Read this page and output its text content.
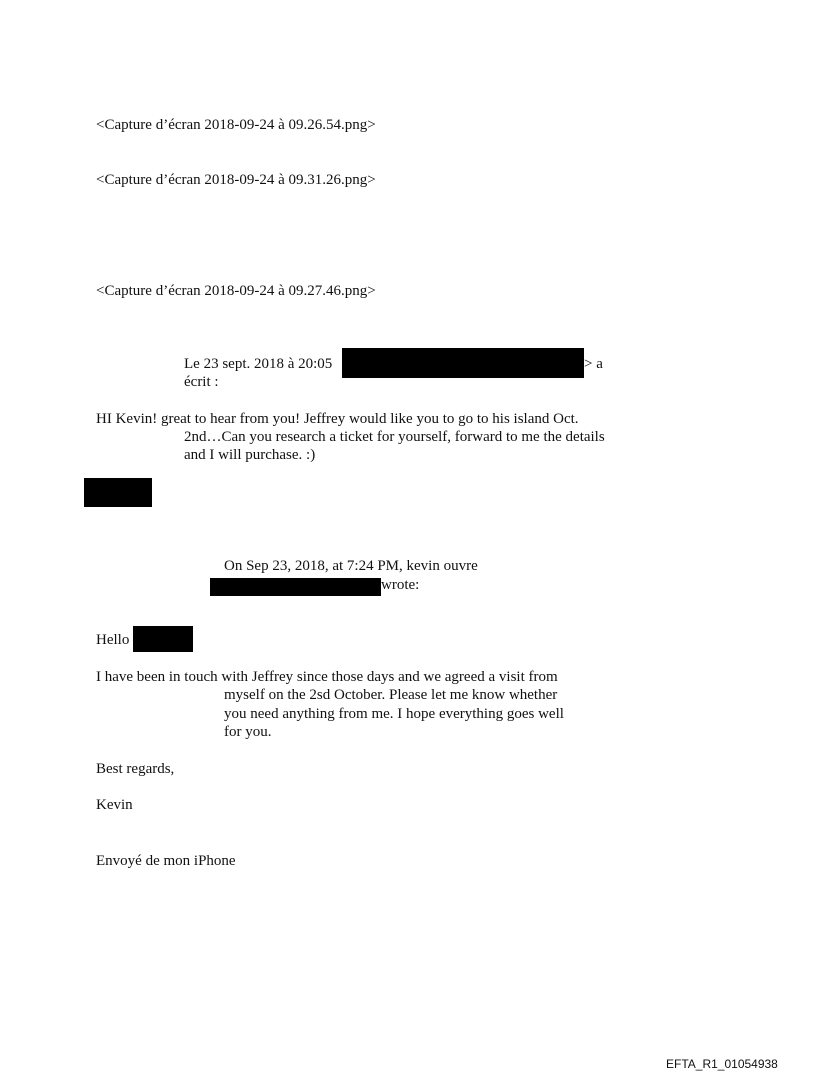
<Capture d’écran 2018-09-24 à 09.26.54.png>
<Capture d’écran 2018-09-24 à 09.31.26.png>
<Capture d’écran 2018-09-24 à 09.27.46.png>
Le 23 sept. 2018 à 20:05	> a
écrit :
HI Kevin! great to hear from you! Jeffrey would like you to go to his island Oct.
2nd…Can you research a ticket for yourself, forward to me the details
and I will purchase. :)
On Sep 23, 2018, at 7:24 PM, kevin ouvre
wrote:
Hello
I have been in touch with Jeffrey since those days and we agreed a visit from
myself on the 2sd October. Please let me know whether
you need anything from me. I hope everything goes well
for you.
Best regards,
Kevin
Envoyé de mon iPhone
EFTA_R1_01054938
